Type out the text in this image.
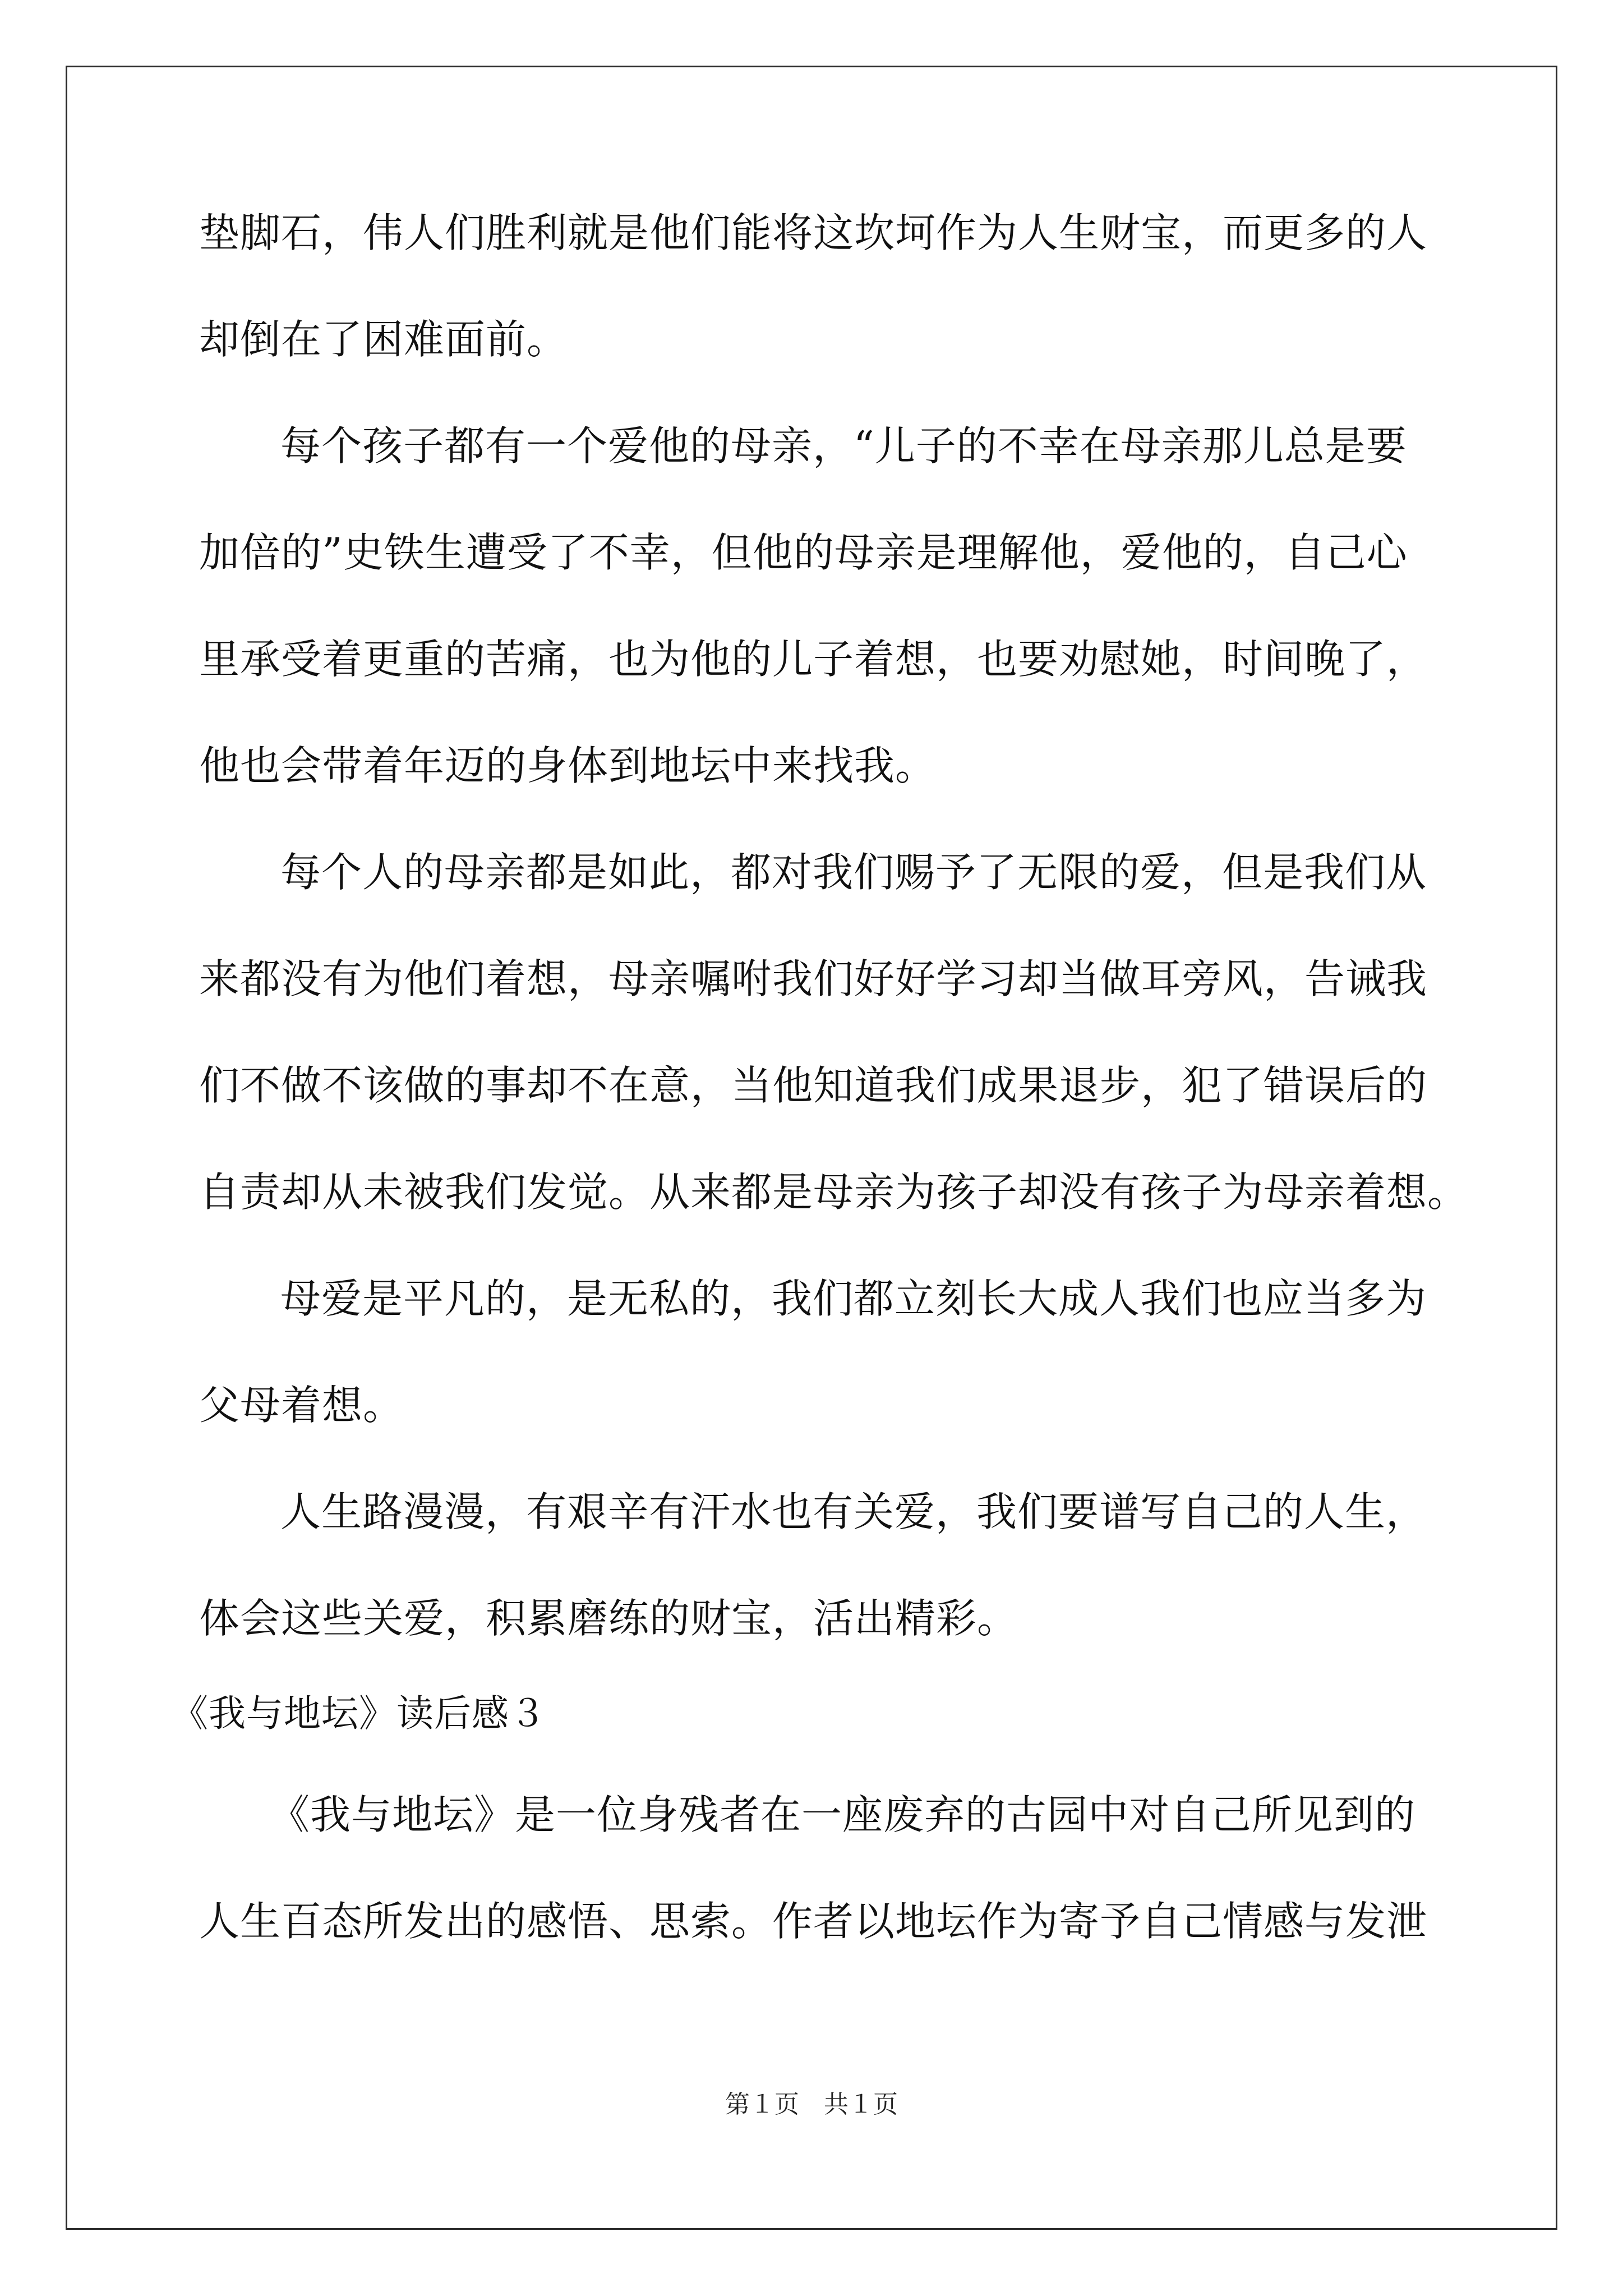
垫脚石，伟人们胜利就是他们能将这坎坷作为人生财宝，而更多的人
却倒在了困难面前。
每个孩子都有一个爱他的母亲，“儿子的不幸在母亲那儿总是要
加倍的”史铁生遭受了不幸，但他的母亲是理解他，爱他的，自己心
里承受着更重的苦痛，也为他的儿子着想，也要劝慰她，时间晚了，
他也会带着年迈的身体到地坛中来找我。
每个人的母亲都是如此，都对我们赐予了无限的爱，但是我们从
来都没有为他们着想，母亲嘱咐我们好好学习却当做耳旁风，告诫我
们不做不该做的事却不在意，当他知道我们成果退步，犯了错误后的
自责却从未被我们发觉。从来都是母亲为孩子却没有孩子为母亲着想。
母爱是平凡的，是无私的，我们都立刻长大成人我们也应当多为
父母着想。
人生路漫漫，有艰辛有汗水也有关爱，我们要谱写自己的人生，
体会这些关爱，积累磨练的财宝，活出精彩。
《我与地坛》读后感３
《我与地坛》是一位身残者在一座废弃的古园中对自己所见到的
人生百态所发出的感悟、思索。作者以地坛作为寄予自己情感与发泄
第１页　共１页
